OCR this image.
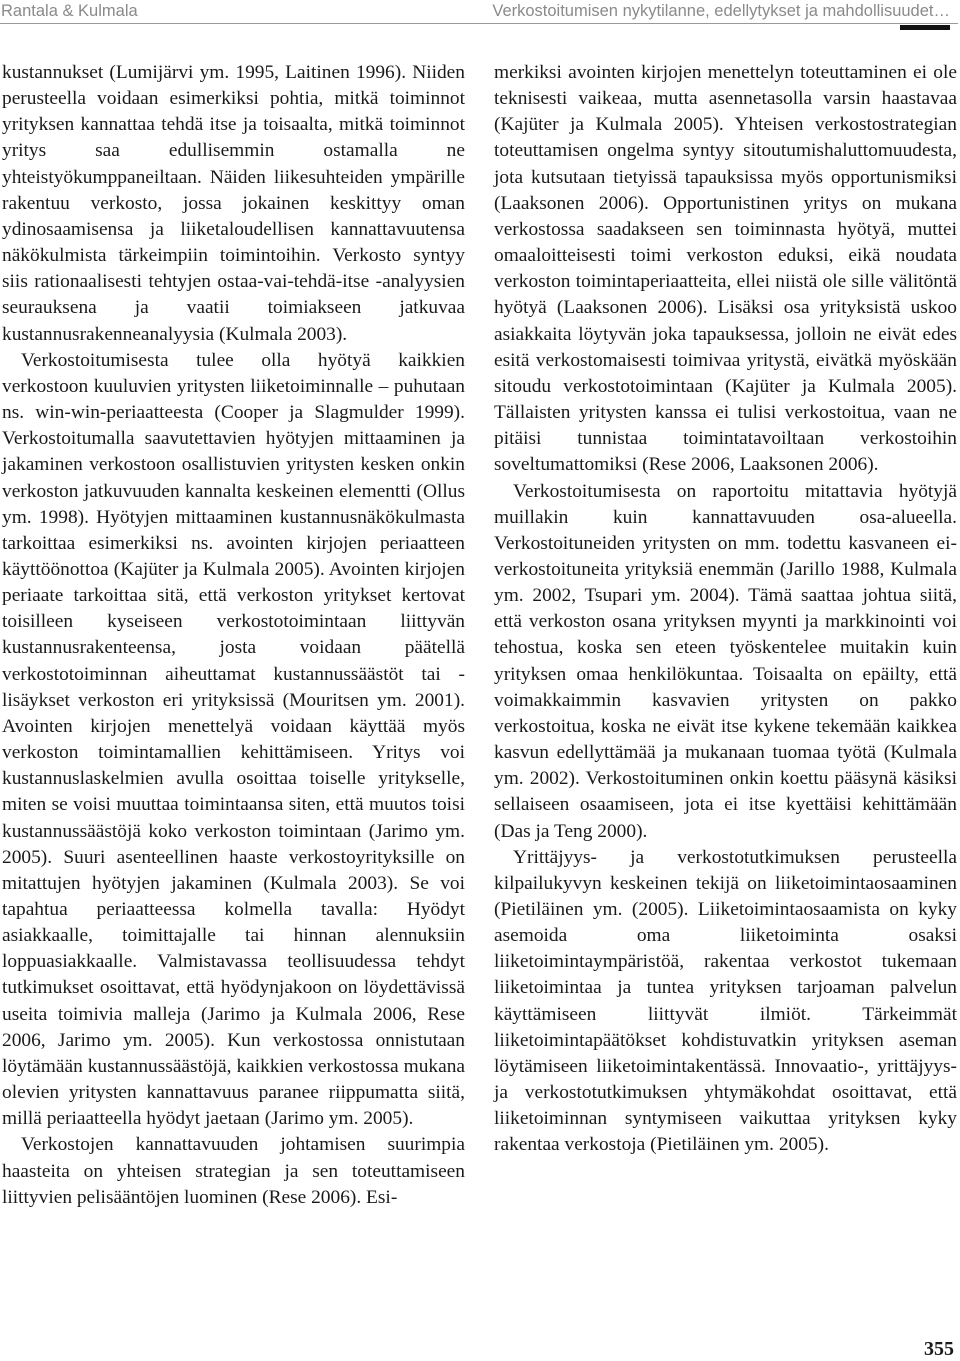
Rantala & Kulmala	Verkostoitumisen nykytilanne, edellytykset ja mahdollisuudet…

kustannukset (Lumijärvi ym. 1995, Laitinen 1996). Niiden perusteella voidaan esimerkiksi pohtia, mitkä toiminnot yrityksen kannattaa tehdä itse ja toisaalta, mitkä toiminnot yritys saa edullisemmin ostamalla ne yhteistyökumppaneiltaan. Näiden liikesuhteiden ympärille rakentuu verkosto, jossa jokainen keskittyy oman ydinosaamisensa ja liiketaloudellisen kannattavuutensa näkökulmista tärkeimpiin toimintoihin. Verkosto syntyy siis rationaalisesti tehtyjen ostaa-vai-tehdä-itse -analyysien seurauksena ja vaatii toimiakseen jatkuvaa kustannusrakenneanalyysia (Kulmala 2003).

Verkostoitumisesta tulee olla hyötyä kaikkien verkostoon kuuluvien yritysten liiketoiminnalle – puhutaan ns. win-win-periaatteesta (Cooper ja Slagmulder 1999). Verkostoitumalla saavutettavien hyötyjen mittaaminen ja jakaminen verkostoon osallistuvien yritysten kesken onkin verkoston jatkuvuuden kannalta keskeinen elementti (Ollus ym. 1998). Hyötyjen mittaaminen kustannusnäkökulmasta tarkoittaa esimerkiksi ns. avointen kirjojen periaatteen käyttöönottoa (Kajüter ja Kulmala 2005). Avointen kirjojen periaate tarkoittaa sitä, että verkoston yritykset kertovat toisilleen kyseiseen verkostotoimintaan liittyvän kustannusrakenteensa, josta voidaan päätellä verkostotoiminnan aiheuttamat kustannussäästöt tai -lisäykset verkoston eri yrityksissä (Mouritsen ym. 2001). Avointen kirjojen menettelyä voidaan käyttää myös verkoston toimintamallien kehittämiseen. Yritys voi kustannuslaskelmien avulla osoittaa toiselle yritykselle, miten se voisi muuttaa toimintaansa siten, että muutos toisi kustannussäästöjä koko verkoston toimintaan (Jarimo ym. 2005). Suuri asenteellinen haaste verkostoyrityksille on mitattujen hyötyjen jakaminen (Kulmala 2003). Se voi tapahtua periaatteessa kolmella tavalla: Hyödyt asiakkaalle, toimittajalle tai hinnan alennuksiin loppuasiakkaalle. Valmistavassa teollisuudessa tehdyt tutkimukset osoittavat, että hyödynjakoon on löydettävissä useita toimivia malleja (Jarimo ja Kulmala 2006, Rese 2006, Jarimo ym. 2005). Kun verkostossa onnistutaan löytämään kustannussäästöjä, kaikkien verkostossa mukana olevien yritysten kannattavuus paranee riippumatta siitä, millä periaatteella hyödyt jaetaan (Jarimo ym. 2005).

Verkostojen kannattavuuden johtamisen suurimpia haasteita on yhteisen strategian ja sen toteuttamiseen liittyvien pelisääntöjen luominen (Rese 2006). Esi-

merkiksi avointen kirjojen menettelyn toteuttaminen ei ole teknisesti vaikeaa, mutta asennetasolla varsin haastavaa (Kajüter ja Kulmala 2005). Yhteisen verkostostrategian toteuttamisen ongelma syntyy sitoutumishaluttomuudesta, jota kutsutaan tietyissä tapauksissa myös opportunismiksi (Laaksonen 2006). Opportunistinen yritys on mukana verkostossa saadakseen sen toiminnasta hyötyä, muttei omaaloitteisesti toimi verkoston eduksi, eikä noudata verkoston toimintaperiaatteita, ellei niistä ole sille välitöntä hyötyä (Laaksonen 2006). Lisäksi osa yrityksistä uskoo asiakkaita löytyvän joka tapauksessa, jolloin ne eivät edes esitä verkostomaisesti toimivaa yritystä, eivätkä myöskään sitoudu verkostotoimintaan (Kajüter ja Kulmala 2005). Tällaisten yritysten kanssa ei tulisi verkostoitua, vaan ne pitäisi tunnistaa toimintatavoiltaan verkostoihin soveltumattomiksi (Rese 2006, Laaksonen 2006).

Verkostoitumisesta on raportoitu mitattavia hyötyjä muillakin kuin kannattavuuden osa-alueella. Verkostoituneiden yritysten on mm. todettu kasvaneen ei-verkostoituneita yrityksiä enemmän (Jarillo 1988, Kulmala ym. 2002, Tsupari ym. 2004). Tämä saattaa johtua siitä, että verkoston osana yrityksen myynti ja markkinointi voi tehostua, koska sen eteen työskentelee muitakin kuin yrityksen omaa henkilökuntaa. Toisaalta on epäilty, että voimakkaimmin kasvavien yritysten on pakko verkostoitua, koska ne eivät itse kykene tekemään kaikkea kasvun edellyttämää ja mukanaan tuomaa työtä (Kulmala ym. 2002). Verkostoituminen onkin koettu pääsynä käsiksi sellaiseen osaamiseen, jota ei itse kyettäisi kehittämään (Das ja Teng 2000).

Yrittäjyys- ja verkostotutkimuksen perusteella kilpailukyvyn keskeinen tekijä on liiketoimintaosaaminen (Pietiläinen ym. (2005). Liiketoimintaosaamista on kyky asemoida oma liiketoiminta osaksi liiketoimintaympäristöä, rakentaa verkostot tukemaan liiketoimintaa ja tuntea yrityksen tarjoaman palvelun käyttämiseen liittyvät ilmiöt. Tärkeimmät liiketoimintapäätökset kohdistuvatkin yrityksen aseman löytämiseen liiketoimintakentässä. Innovaatio-, yrittäjyys- ja verkostotutkimuksen yhtymäkohdat osoittavat, että liiketoiminnan syntymiseen vaikuttaa yrityksen kyky rakentaa verkostoja (Pietiläinen ym. 2005).

355
